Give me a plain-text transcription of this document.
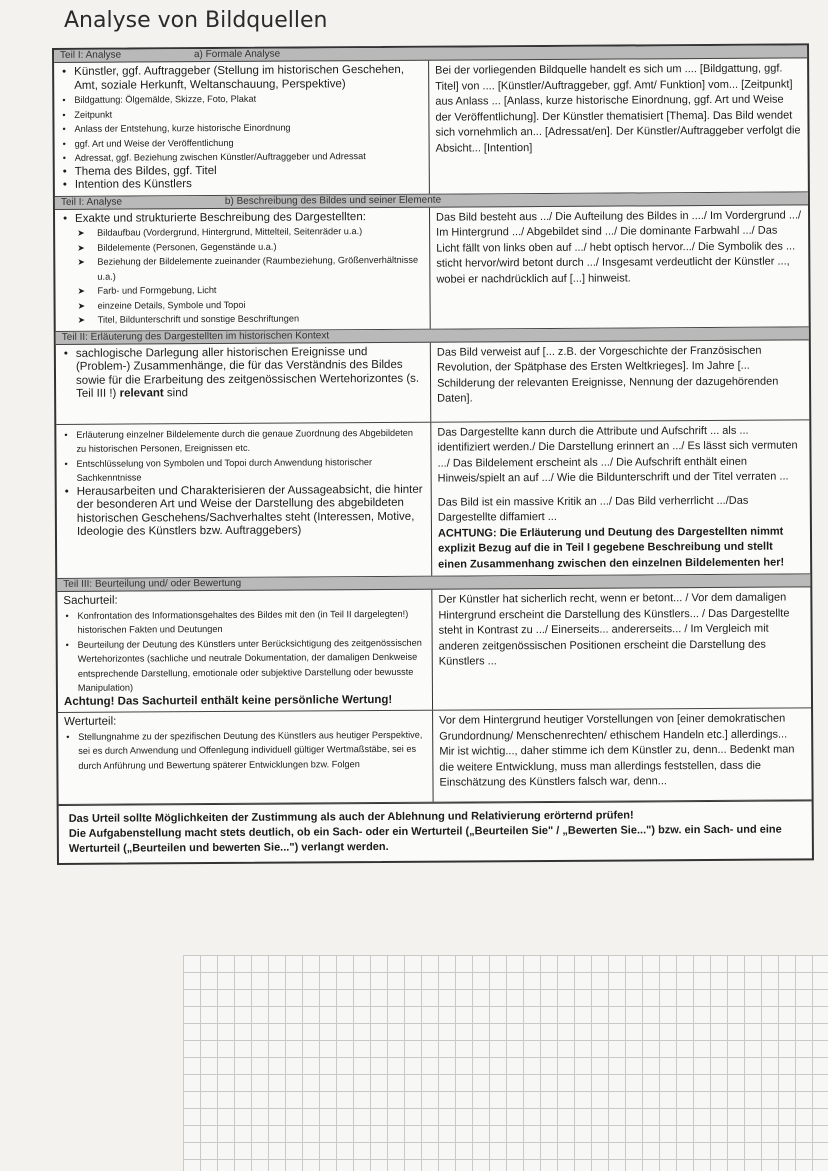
Analyse von Bildquellen
Teil I: Analyse	a) Formale Analyse
• Künstler, ggf. Auftraggeber (Stellung im historischen Geschehen, Amt, soziale Herkunft, Weltanschauung, Perspektive)
• Bildgattung: Ölgemälde, Skizze, Foto, Plakat
• Zeitpunkt
• Anlass der Entstehung, kurze historische Einordnung
• ggf. Art und Weise der Veröffentlichung
• Adressat, ggf. Beziehung zwischen Künstler/Auftraggeber und Adressat
• Thema des Bildes, ggf. Titel
• Intention des Künstlers
Bei der vorliegenden Bildquelle handelt es sich um .... [Bildgattung, ggf. Titel] von .... [Künstler/Auftraggeber, ggf. Amt/ Funktion] vom... [Zeitpunkt] aus Anlass ... [Anlass, kurze historische Einordnung, ggf. Art und Weise der Veröffentlichung]. Der Künstler thematisiert [Thema]. Das Bild wendet sich vornehmlich an... [Adressat/en]. Der Künstler/Auftraggeber verfolgt die Absicht... [Intention]
Teil I: Analyse	b) Beschreibung des Bildes und seiner Elemente
• Exakte und strukturierte Beschreibung des Dargestellten:
➤ Bildaufbau (Vordergrund, Hintergrund, Mittelteil, Seitenräder u.a.)
➤ Bildelemente (Personen, Gegenstände u.a.)
➤ Beziehung der Bildelemente zueinander (Raumbeziehung, Größenverhältnisse u.a.)
➤ Farb- und Formgebung, Licht
➤ einzeine Details, Symbole und Topoi
➤ Titel, Bildunterschrift und sonstige Beschriftungen
Das Bild besteht aus .../ Die Aufteilung des Bildes in ..../ Im Vordergrund .../ Im Hintergrund .../ Abgebildet sind .../ Die dominante Farbwahl .../ Das Licht fällt von links oben auf .../ hebt optisch hervor.../ Die Symbolik des ... sticht hervor/wird betont durch .../ Insgesamt verdeutlicht der Künstler ..., wobei er nachdrücklich auf [...] hinweist.
Teil II: Erläuterung des Dargestellten im historischen Kontext
• sachlogische Darlegung aller historischen Ereignisse und (Problem-) Zusammenhänge, die für das Verständnis des Bildes sowie für die Erarbeitung des zeitgenössischen Wertehorizontes (s. Teil III !) relevant sind
Das Bild verweist auf [... z.B. der Vorgeschichte der Französischen Revolution, der Spätphase des Ersten Weltkrieges]. Im Jahre [... Schilderung der relevanten Ereignisse, Nennung der dazugehörenden Daten].
• Erläuterung einzelner Bildelemente durch die genaue Zuordnung des Abgebildeten zu historischen Personen, Ereignissen etc.
• Entschlüsselung von Symbolen und Topoi durch Anwendung historischer Sachkenntnisse
• Herausarbeiten und Charakterisieren der Aussageabsicht, die hinter der besonderen Art und Weise der Darstellung des abgebildeten historischen Geschehens/Sachverhaltes steht (Interessen, Motive, Ideologie des Künstlers bzw. Auftraggebers)
Das Dargestellte kann durch die Attribute und Aufschrift ... als ... identifiziert werden./ Die Darstellung erinnert an .../ Es lässt sich vermuten .../ Das Bildelement erscheint als .../ Die Aufschrift enthält einen Hinweis/spielt an auf .../ Wie die Bildunterschrift und der Titel verraten ...
Das Bild ist ein massive Kritik an .../ Das Bild verherrlicht .../Das Dargestellte diffamiert ...
ACHTUNG: Die Erläuterung und Deutung des Dargestellten nimmt explizit Bezug auf die in Teil I gegebene Beschreibung und stellt einen Zusammenhang zwischen den einzelnen Bildelementen her!
Teil III: Beurteilung und/ oder Bewertung
Sachurteil:
• Konfrontation des Informationsgehaltes des Bildes mit den (in Teil II dargelegten!) historischen Fakten und Deutungen
• Beurteilung der Deutung des Künstlers unter Berücksichtigung des zeitgenössischen Wertehorizontes (sachliche und neutrale Dokumentation, der damaligen Denkweise entsprechende Darstellung, emotionale oder subjektive Darstellung oder bewusste Manipulation)
Achtung! Das Sachurteil enthält keine persönliche Wertung!
Der Künstler hat sicherlich recht, wenn er betont... / Vor dem damaligen Hintergrund erscheint die Darstellung des Künstlers... / Das Dargestellte steht in Kontrast zu .../ Einerseits... andererseits... / Im Vergleich mit anderen zeitgenössischen Positionen erscheint die Darstellung des Künstlers ...
Werturteil:
• Stellungnahme zu der spezifischen Deutung des Künstlers aus heutiger Perspektive, sei es durch Anwendung und Offenlegung individuell gültiger Wertmaßstäbe, sei es durch Anführung und Bewertung späterer Entwicklungen bzw. Folgen
Vor dem Hintergrund heutiger Vorstellungen von [einer demokratischen Grundordnung/ Menschenrechten/ ethischem Handeln etc.] allerdings... Mir ist wichtig..., daher stimme ich dem Künstler zu, denn... Bedenkt man die weitere Entwicklung, muss man allerdings feststellen, dass die Einschätzung des Künstlers falsch war, denn...
Das Urteil sollte Möglichkeiten der Zustimmung als auch der Ablehnung und Relativierung erörternd prüfen!
Die Aufgabenstellung macht stets deutlich, ob ein Sach- oder ein Werturteil („Beurteilen Sie" / „Bewerten Sie...") bzw. ein Sach- und eine Werturteil („Beurteilen und bewerten Sie...") verlangt werden.
